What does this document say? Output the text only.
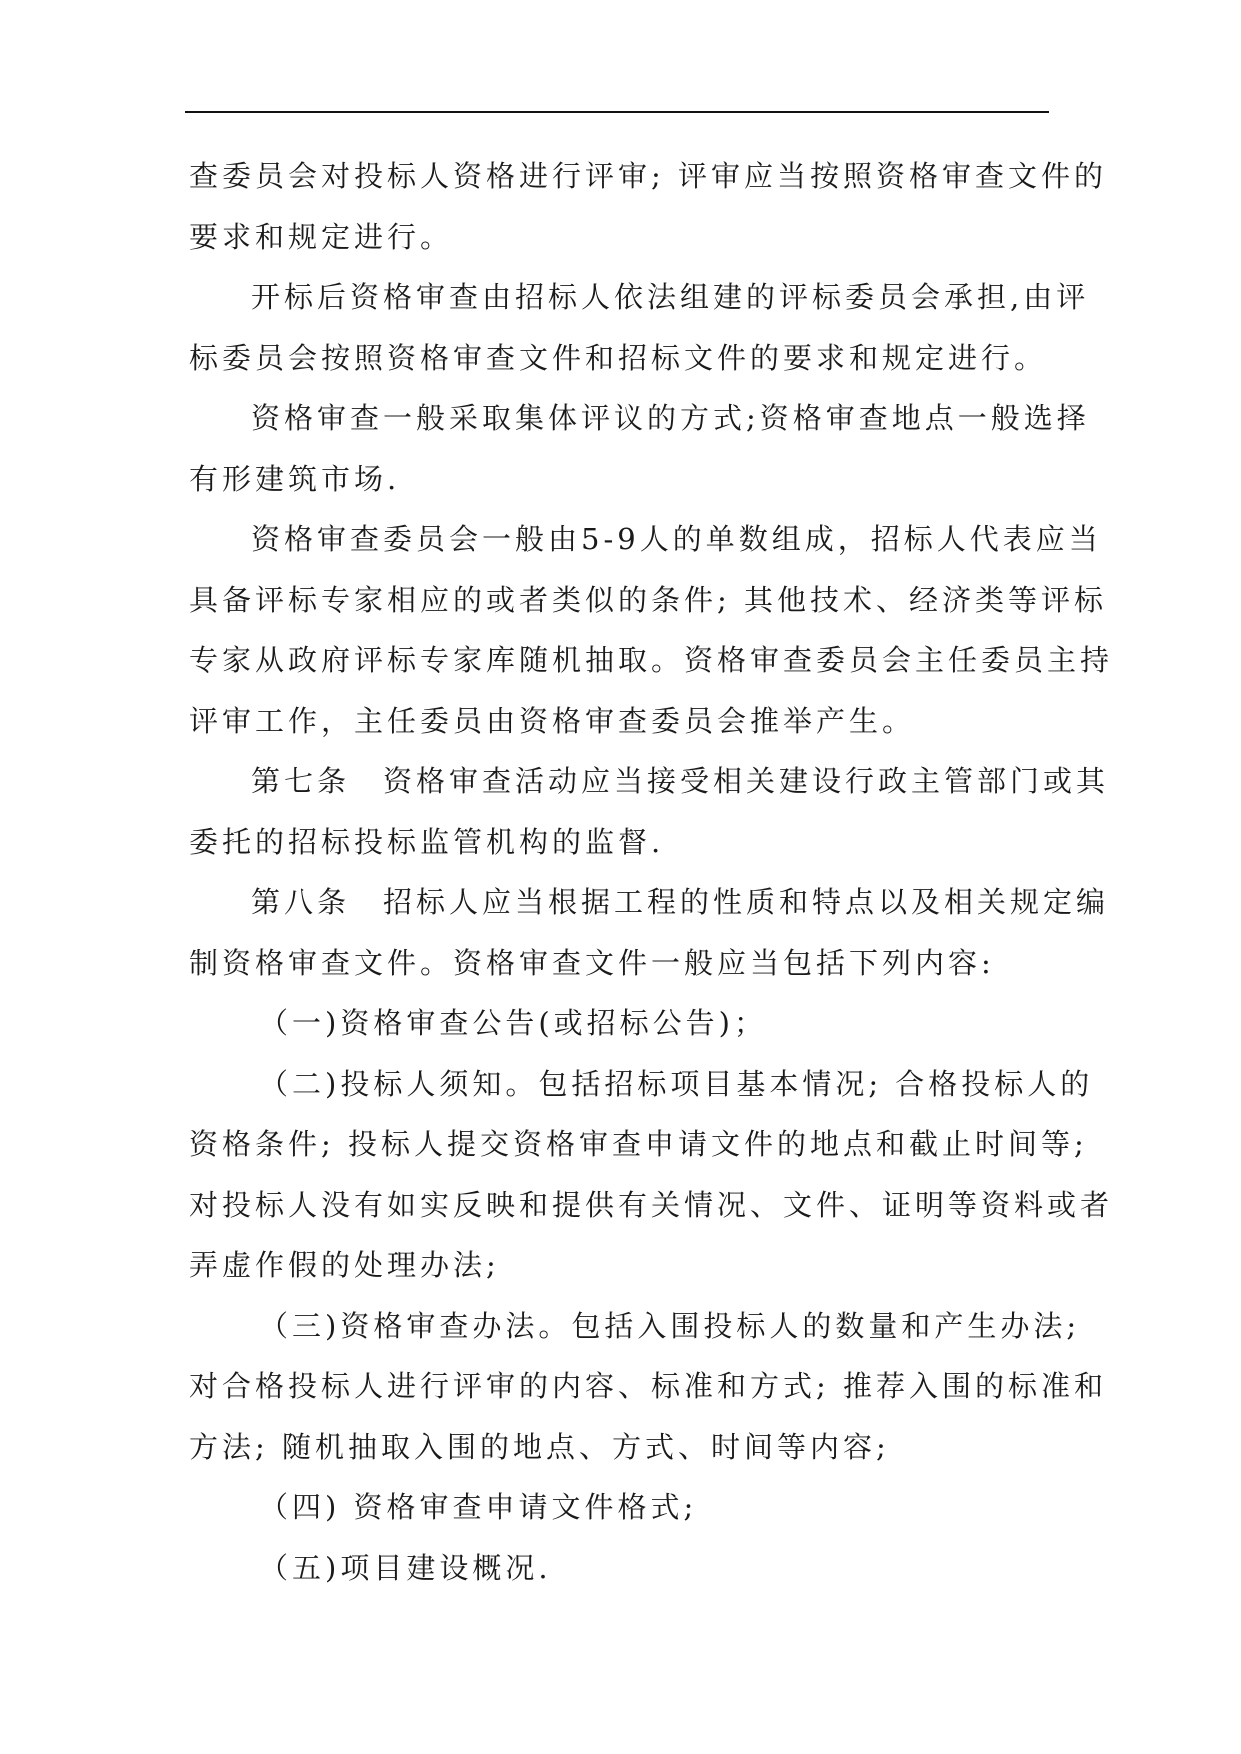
查委员会对投标人资格进行评审; 评审应当按照资格审查文件的
要求和规定进行。
开标后资格审查由招标人依法组建的评标委员会承担,由评
标委员会按照资格审查文件和招标文件的要求和规定进行。
资格审查一般采取集体评议的方式;资格审查地点一般选择
有形建筑市场.
资格审查委员会一般由5-9人的单数组成，招标人代表应当
具备评标专家相应的或者类似的条件; 其他技术、经济类等评标
专家从政府评标专家库随机抽取。资格审查委员会主任委员主持
评审工作，主任委员由资格审查委员会推举产生。
第七条　资格审查活动应当接受相关建设行政主管部门或其
委托的招标投标监管机构的监督.
第八条　招标人应当根据工程的性质和特点以及相关规定编
制资格审查文件。资格审查文件一般应当包括下列内容:
（一)资格审查公告(或招标公告)；
（二)投标人须知。包括招标项目基本情况; 合格投标人的
资格条件; 投标人提交资格审查申请文件的地点和截止时间等;
对投标人没有如实反映和提供有关情况、文件、证明等资料或者
弄虚作假的处理办法;
（三)资格审查办法。包括入围投标人的数量和产生办法;
对合格投标人进行评审的内容、标准和方式; 推荐入围的标准和
方法; 随机抽取入围的地点、方式、时间等内容;
（四) 资格审查申请文件格式;
（五)项目建设概况.
